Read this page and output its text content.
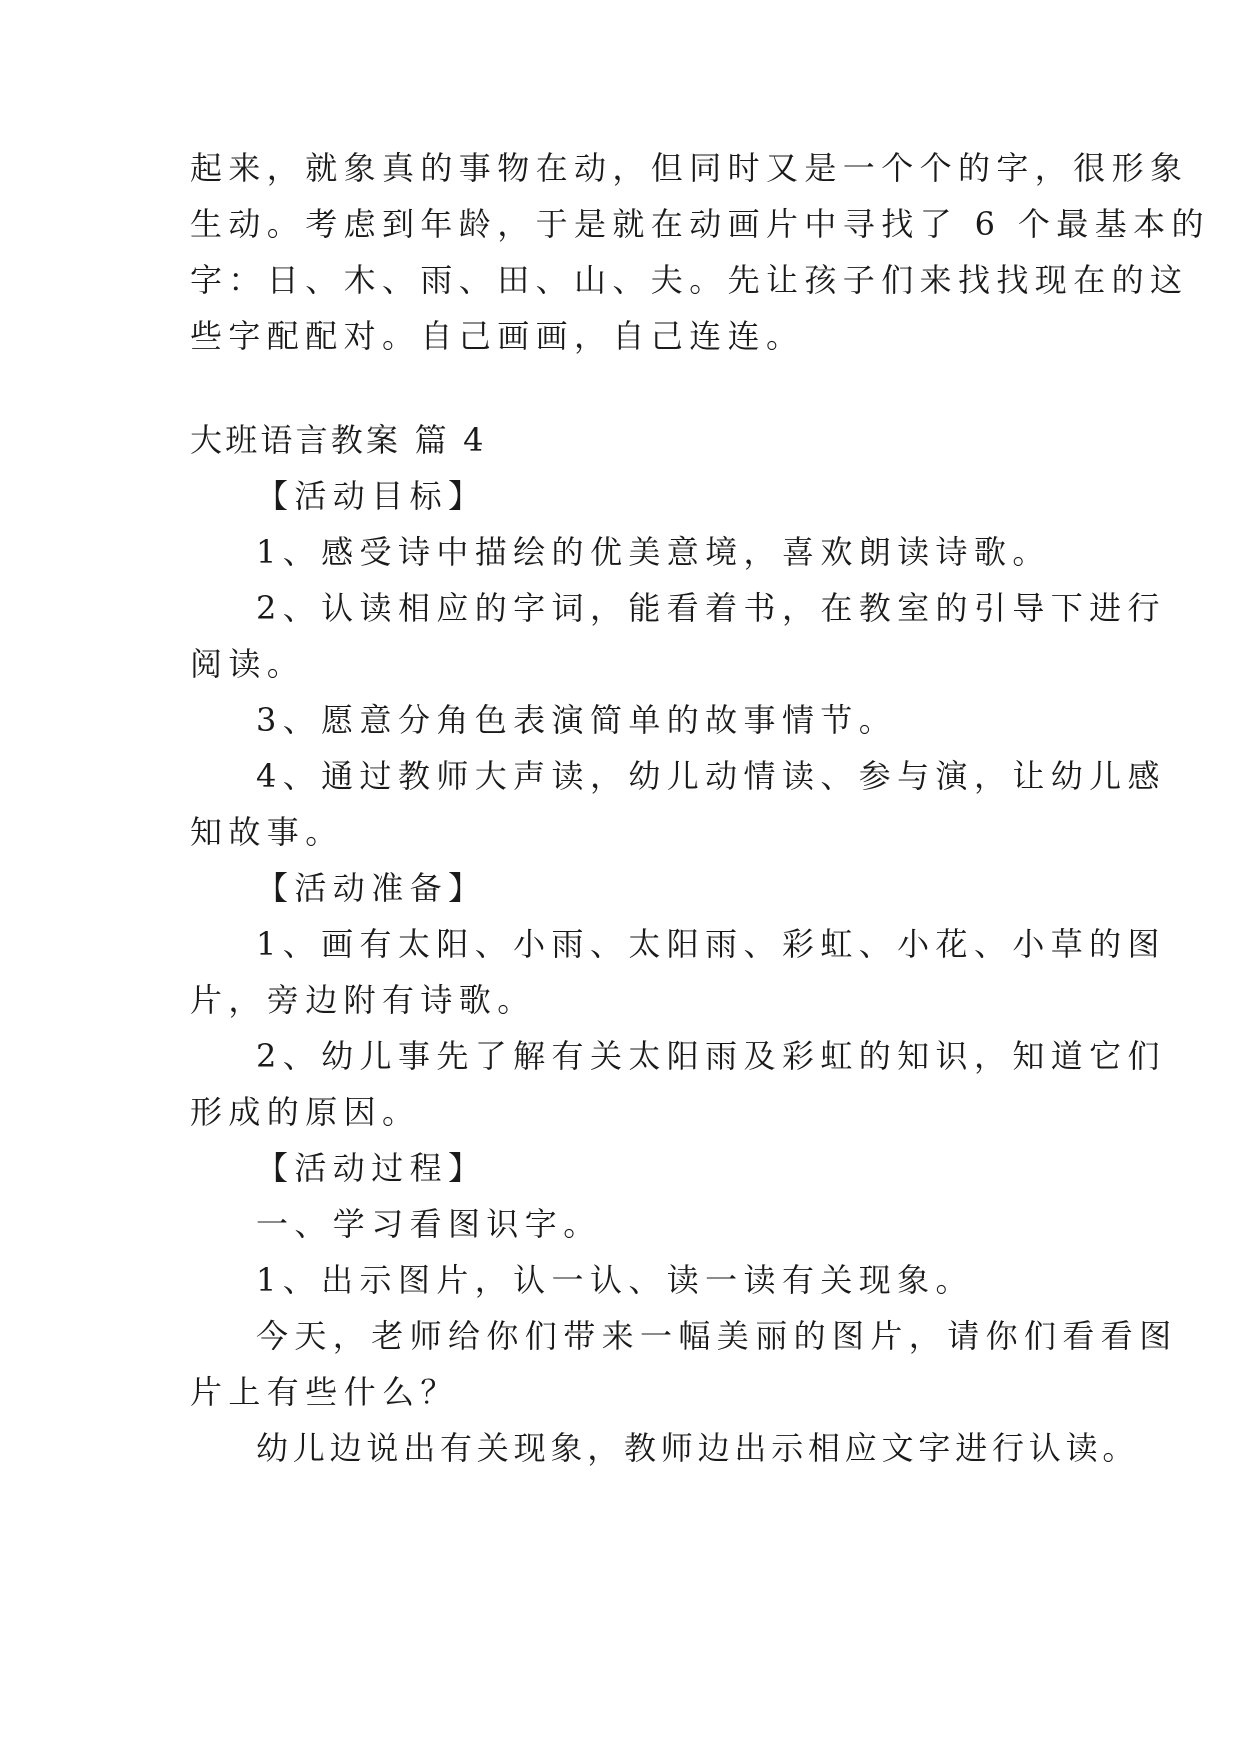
起来，就象真的事物在动，但同时又是一个个的字，很形象
生动。考虑到年龄，于是就在动画片中寻找了 6 个最基本的
字：日、木、雨、田、山、夫。先让孩子们来找找现在的这
些字配配对。自己画画，自己连连。
大班语言教案 篇 4
【活动目标】
1、感受诗中描绘的优美意境，喜欢朗读诗歌。
2、认读相应的字词，能看着书，在教室的引导下进行
阅读。
3、愿意分角色表演简单的故事情节。
4、通过教师大声读，幼儿动情读、参与演，让幼儿感
知故事。
【活动准备】
1、画有太阳、小雨、太阳雨、彩虹、小花、小草的图
片，旁边附有诗歌。
2、幼儿事先了解有关太阳雨及彩虹的知识，知道它们
形成的原因。
【活动过程】
一、学习看图识字。
1、出示图片，认一认、读一读有关现象。
今天，老师给你们带来一幅美丽的图片，请你们看看图
片上有些什么？
幼儿边说出有关现象，教师边出示相应文字进行认读。
